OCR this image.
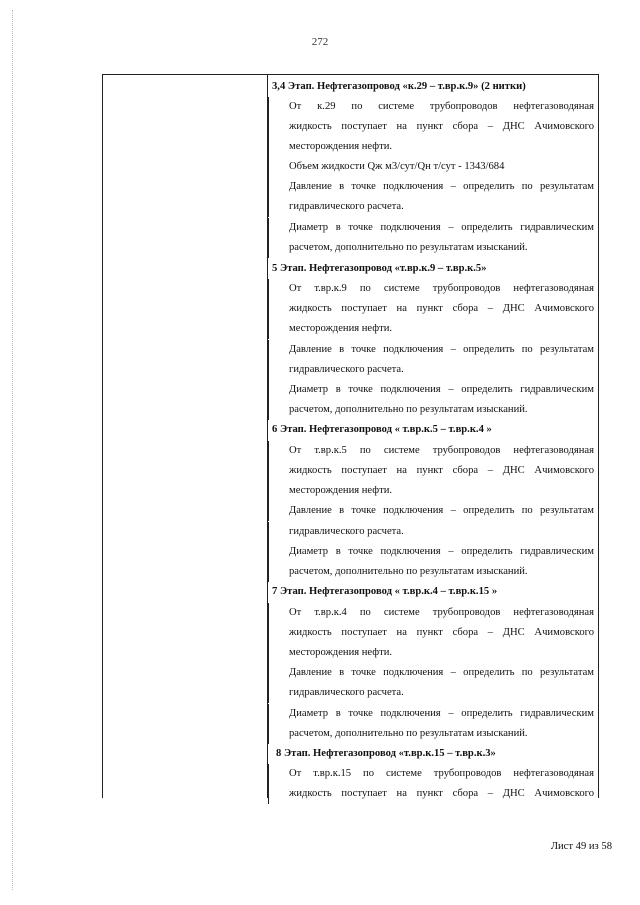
272
3,4 Этап. Нефтегазопровод «к.29 – т.вр.к.9» (2 нитки)
От к.29 по системе трубопроводов нефтегазоводяная
жидкость поступает на пункт сбора – ДНС Ачимовского
месторождения нефти.
Объем жидкости Qж м3/сут/Qн т/сут - 1343/684
Давление в точке подключения – определить по результатам
гидравлического расчета.
Диаметр в точке подключения – определить гидравлическим
расчетом, дополнительно по результатам изысканий.
5 Этап. Нефтегазопровод «т.вр.к.9 – т.вр.к.5»
От т.вр.к.9 по системе трубопроводов нефтегазоводяная
жидкость поступает на пункт сбора – ДНС Ачимовского
месторождения нефти.
Давление в точке подключения – определить по результатам
гидравлического расчета.
Диаметр в точке подключения – определить гидравлическим
расчетом, дополнительно по результатам изысканий.
6 Этап. Нефтегазопровод « т.вр.к.5 – т.вр.к.4 »
От т.вр.к.5 по системе трубопроводов нефтегазоводяная
жидкость поступает на пункт сбора – ДНС Ачимовского
месторождения нефти.
Давление в точке подключения – определить по результатам
гидравлического расчета.
Диаметр в точке подключения – определить гидравлическим
расчетом, дополнительно по результатам изысканий.
7 Этап. Нефтегазопровод « т.вр.к.4 – т.вр.к.15 »
От т.вр.к.4 по системе трубопроводов нефтегазоводяная
жидкость поступает на пункт сбора – ДНС Ачимовского
месторождения нефти.
Давление в точке подключения – определить по результатам
гидравлического расчета.
Диаметр в точке подключения – определить гидравлическим
расчетом, дополнительно по результатам изысканий.
8 Этап. Нефтегазопровод «т.вр.к.15 – т.вр.к.3»
От т.вр.к.15 по системе трубопроводов нефтегазоводяная
жидкость поступает на пункт сбора – ДНС Ачимовского
Лист 49 из 58
